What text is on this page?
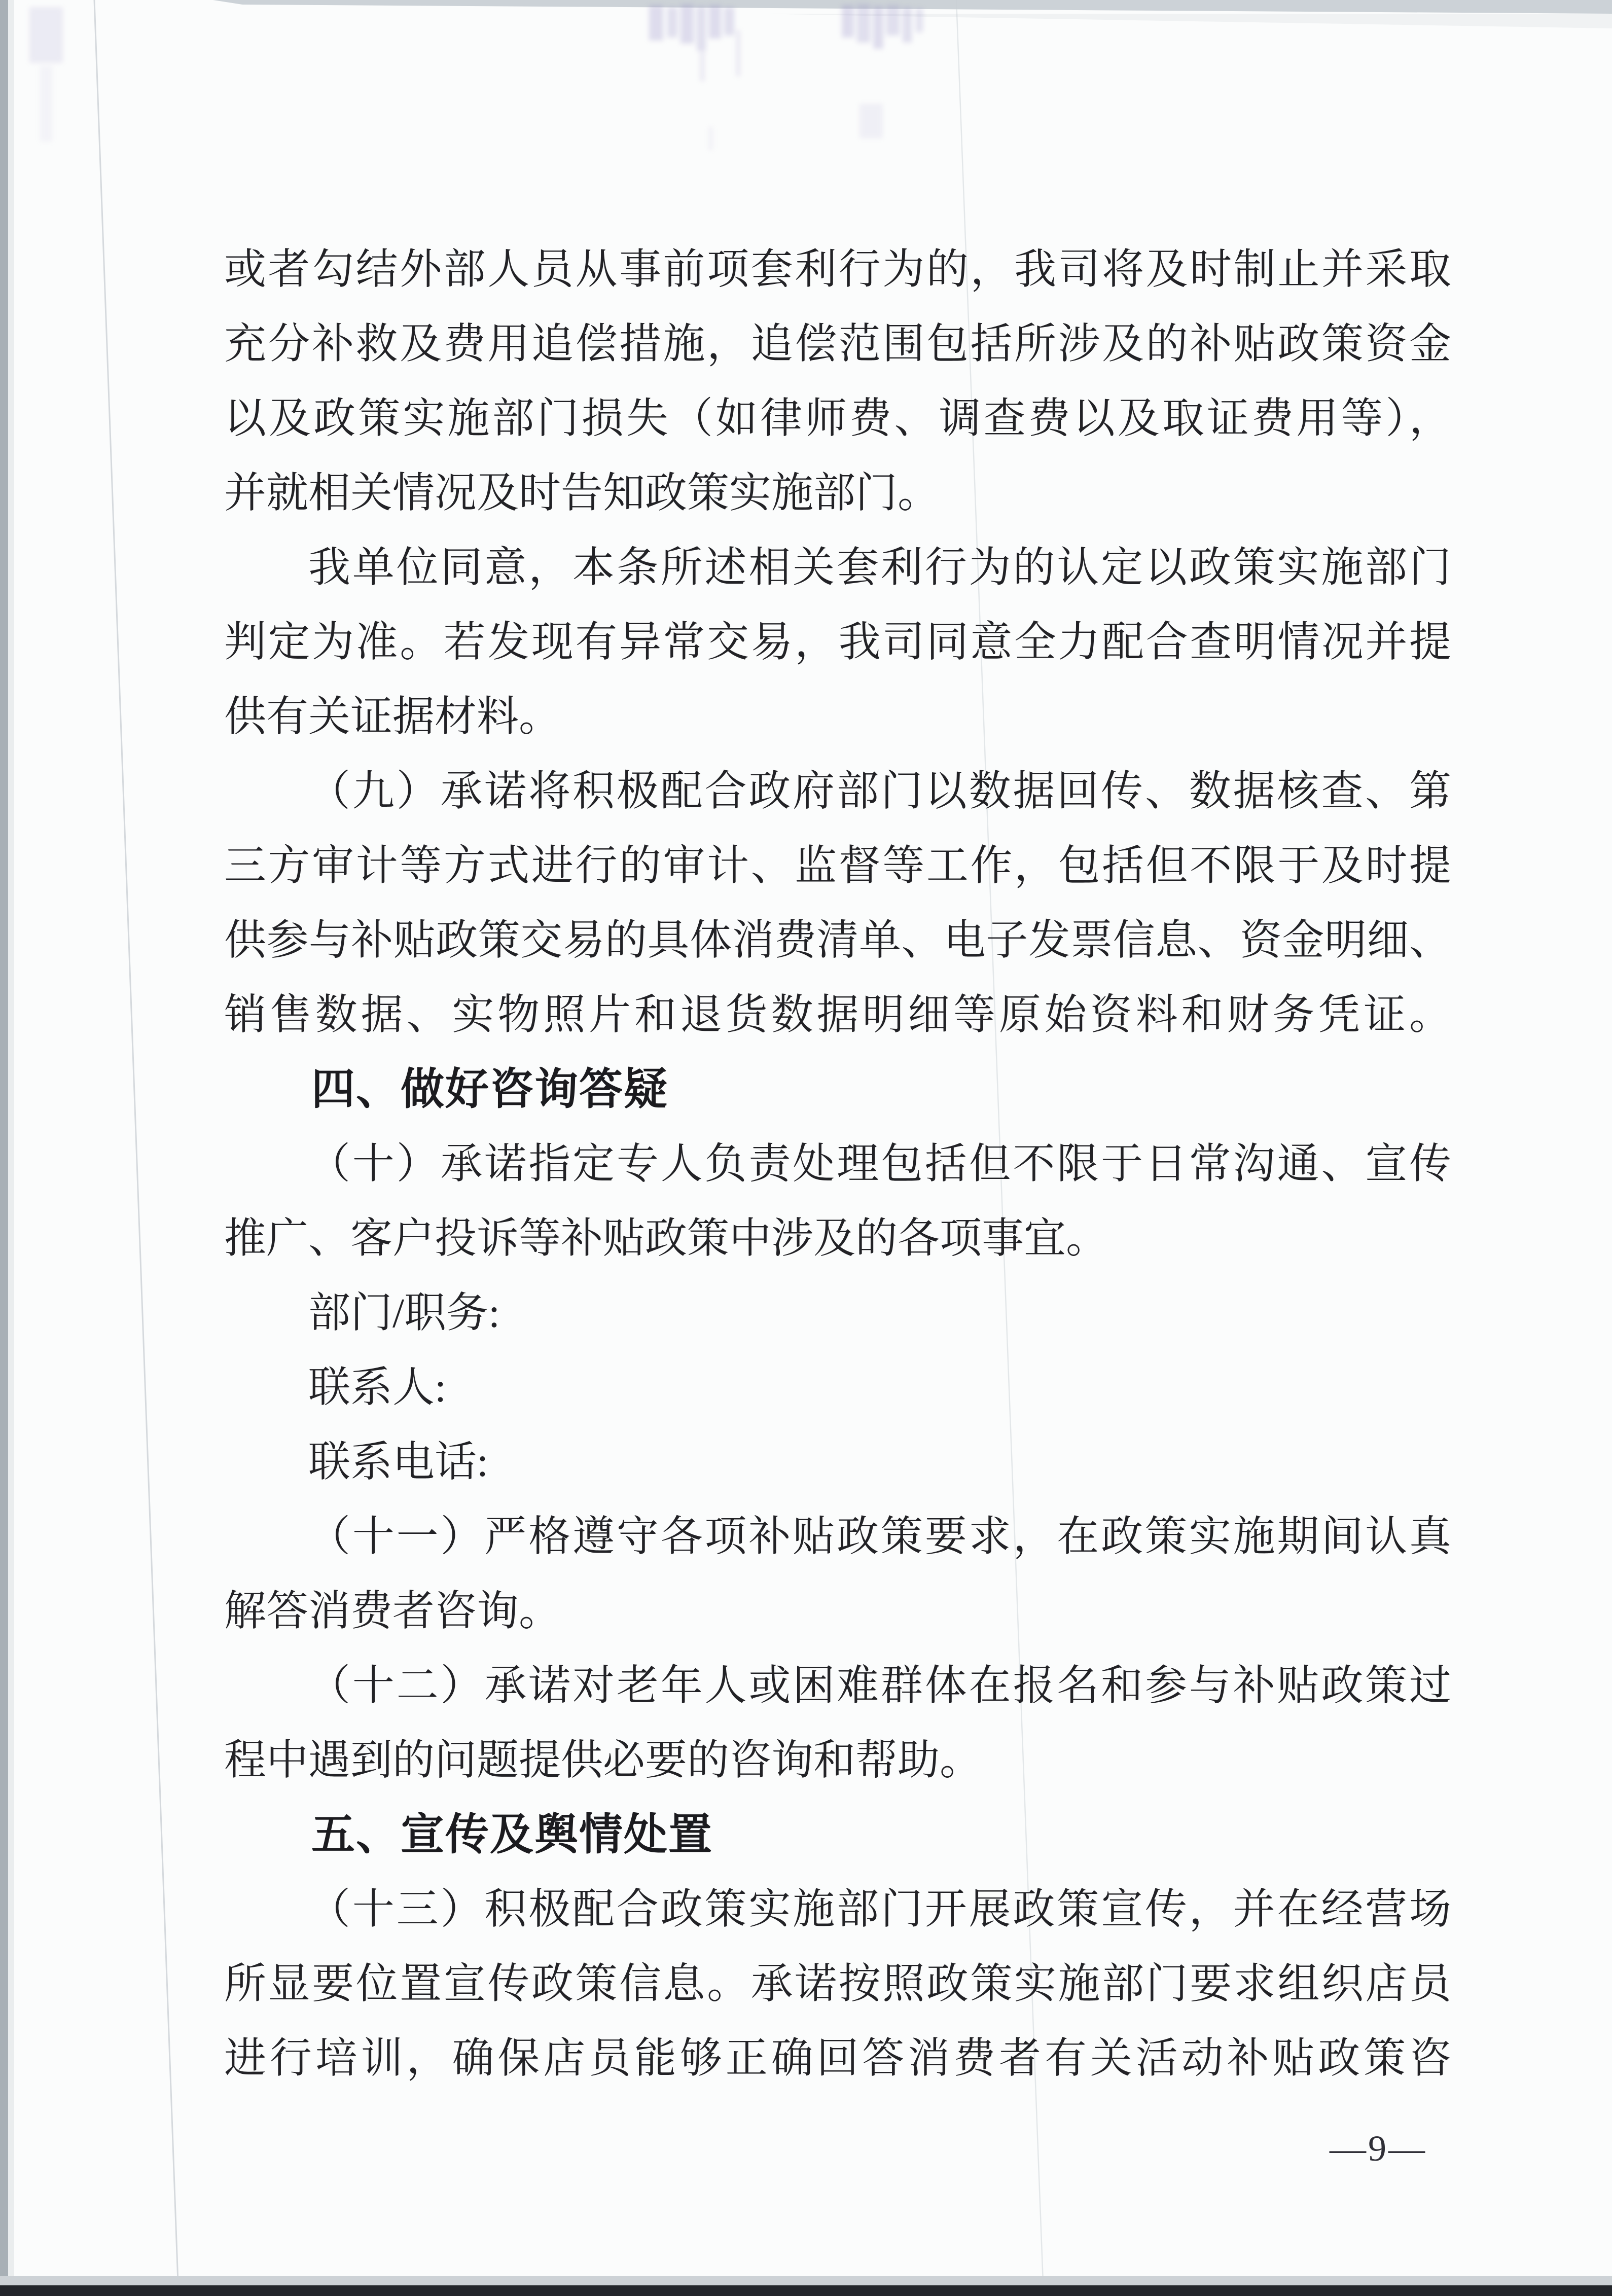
或者勾结外部人员从事前项套利行为的，我司将及时制止并采取
充分补救及费用追偿措施，追偿范围包括所涉及的补贴政策资金
以及政策实施部门损失（如律师费、调查费以及取证费用等），
并就相关情况及时告知政策实施部门。
我单位同意，本条所述相关套利行为的认定以政策实施部门
判定为准。若发现有异常交易，我司同意全力配合查明情况并提
供有关证据材料。
（九）承诺将积极配合政府部门以数据回传、数据核查、第
三方审计等方式进行的审计、监督等工作，包括但不限于及时提
供参与补贴政策交易的具体消费清单、电子发票信息、资金明细、
销售数据、实物照片和退货数据明细等原始资料和财务凭证。
四、做好咨询答疑
（十）承诺指定专人负责处理包括但不限于日常沟通、宣传
推广、客户投诉等补贴政策中涉及的各项事宜。
部门/职务:
联系人:
联系电话:
（十一）严格遵守各项补贴政策要求，在政策实施期间认真
解答消费者咨询。
（十二）承诺对老年人或困难群体在报名和参与补贴政策过
程中遇到的问题提供必要的咨询和帮助。
五、宣传及舆情处置
（十三）积极配合政策实施部门开展政策宣传，并在经营场
所显要位置宣传政策信息。承诺按照政策实施部门要求组织店员
进行培训，确保店员能够正确回答消费者有关活动补贴政策咨
—9—
